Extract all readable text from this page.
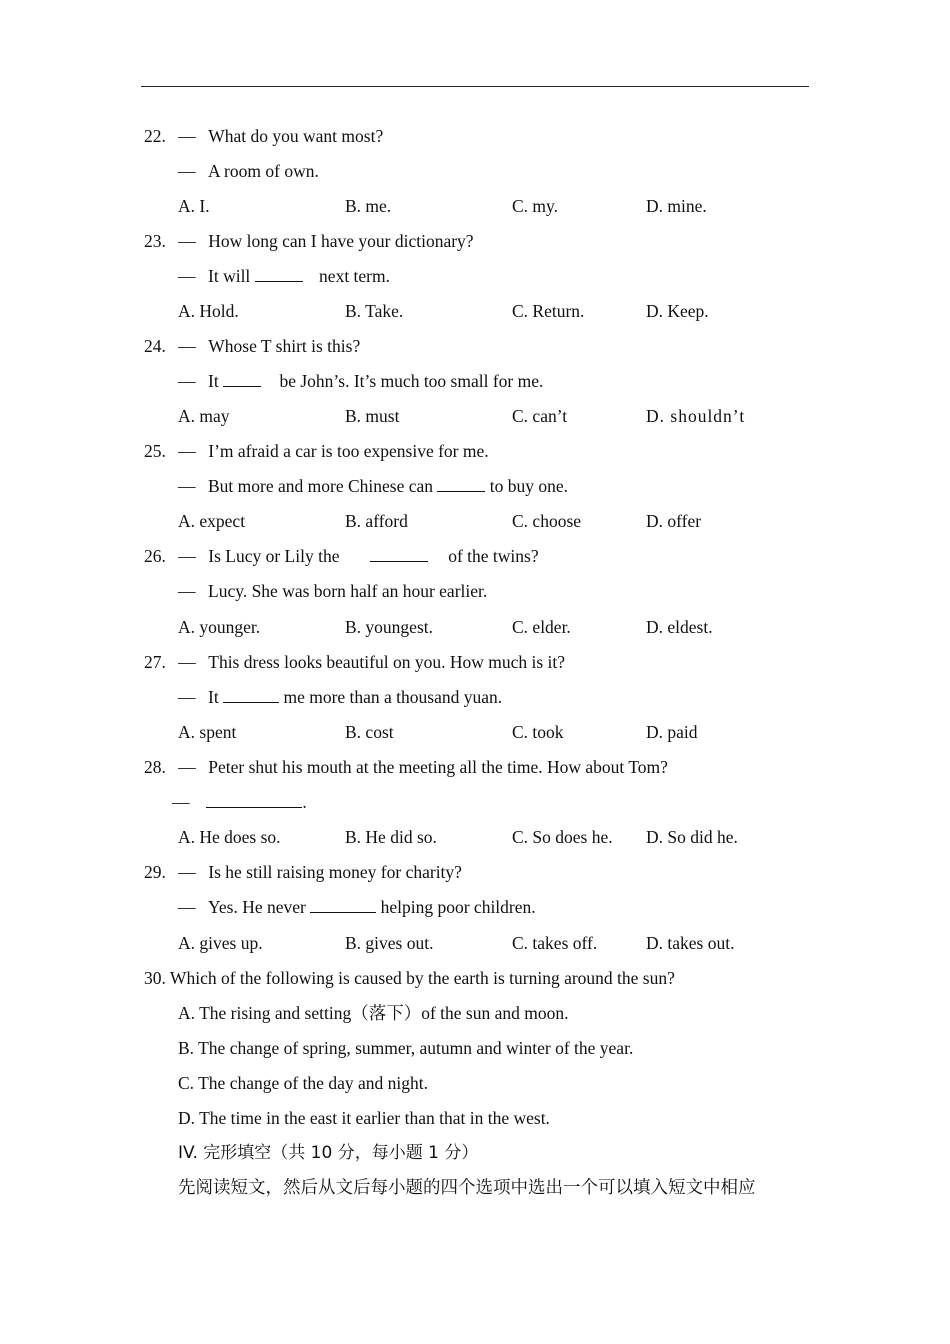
22. — What do you want most?
— A room of own.
A. I.	B. me.	C. my.	D. mine.
23. — How long can I have your dictionary?
— It will	next term.
A. Hold.	B. Take.	C. Return.	D. Keep.
24. — Whose T shirt is this?
— It	be John’s. It’s much too small for me.
A. may	B. must	C. can’t	D. shouldn’t
25. — I’m afraid a car is too expensive for me.
— But more and more Chinese can	to buy one.
A. expect	B. afford	C. choose	D. offer
26. — Is Lucy or Lily the	of the twins?
— Lucy. She was born half an hour earlier.
A. younger.	B. youngest.	C. elder.	D. eldest.
27. — This dress looks beautiful on you. How much is it?
— It	me more than a thousand yuan.
A. spent	B. cost	C. took	D. paid
28. — Peter shut his mouth at the meeting all the time. How about Tom?
—	.
A. He does so.	B. He did so.	C. So does he. D. So did he.
29. — Is he still raising money for charity?
— Yes. He never	helping poor children.
A. gives up.	B. gives out.	C. takes off.	D. takes out.
30. Which of the following is caused by the earth is turning around the sun?
A. The rising and setting（落下）of the sun and moon.
B. The change of spring, summer, autumn and winter of the year.
C. The change of the day and night.
D. The time in the east it earlier than that in the west.
IV. 完形填空（共 10 分，每小题 1 分）
先阅读短文，然后从文后每小题的四个选项中选出一个可以填入短文中相应
